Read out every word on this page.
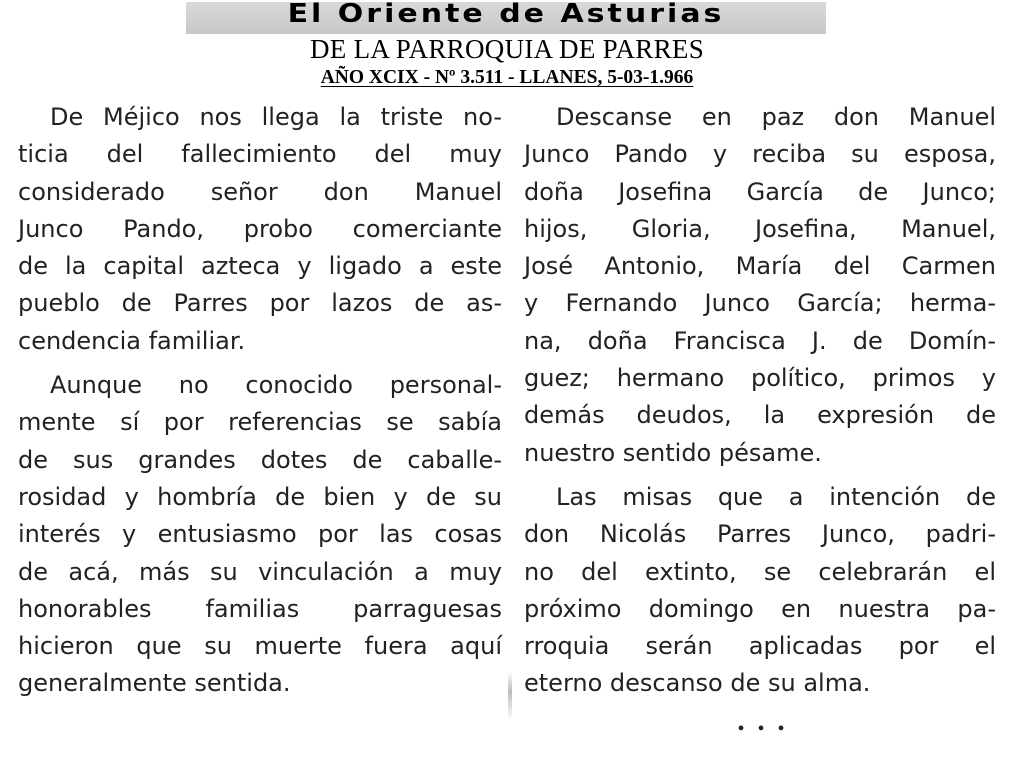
El Oriente de Asturias
DE LA PARROQUIA DE PARRES
AÑO XCIX - Nº 3.511 - LLANES, 5-03-1.966
De Méjico nos llega la triste no-
ticia del fallecimiento del muy
considerado señor don Manuel
Junco Pando, probo comerciante
de la capital azteca y ligado a este
pueblo de Parres por lazos de as-
cendencia familiar.
Aunque no conocido personal-
mente sí por referencias se sabía
de sus grandes dotes de caballe-
rosidad y hombría de bien y de su
interés y entusiasmo por las cosas
de acá, más su vinculación a muy
honorables familias parraguesas
hicieron que su muerte fuera aquí
generalmente sentida.
Descanse en paz don Manuel
Junco Pando y reciba su esposa,
doña Josefina García de Junco;
hijos, Gloria, Josefina, Manuel,
José Antonio, María del Carmen
y Fernando Junco García; herma-
na, doña Francisca J. de Domín-
guez; hermano político, primos y
demás deudos, la expresión de
nuestro sentido pésame.
Las misas que a intención de
don Nicolás Parres Junco, padri-
no del extinto, se celebrarán el
próximo domingo en nuestra pa-
rroquia serán aplicadas por el
eterno descanso de su alma.
• • •
